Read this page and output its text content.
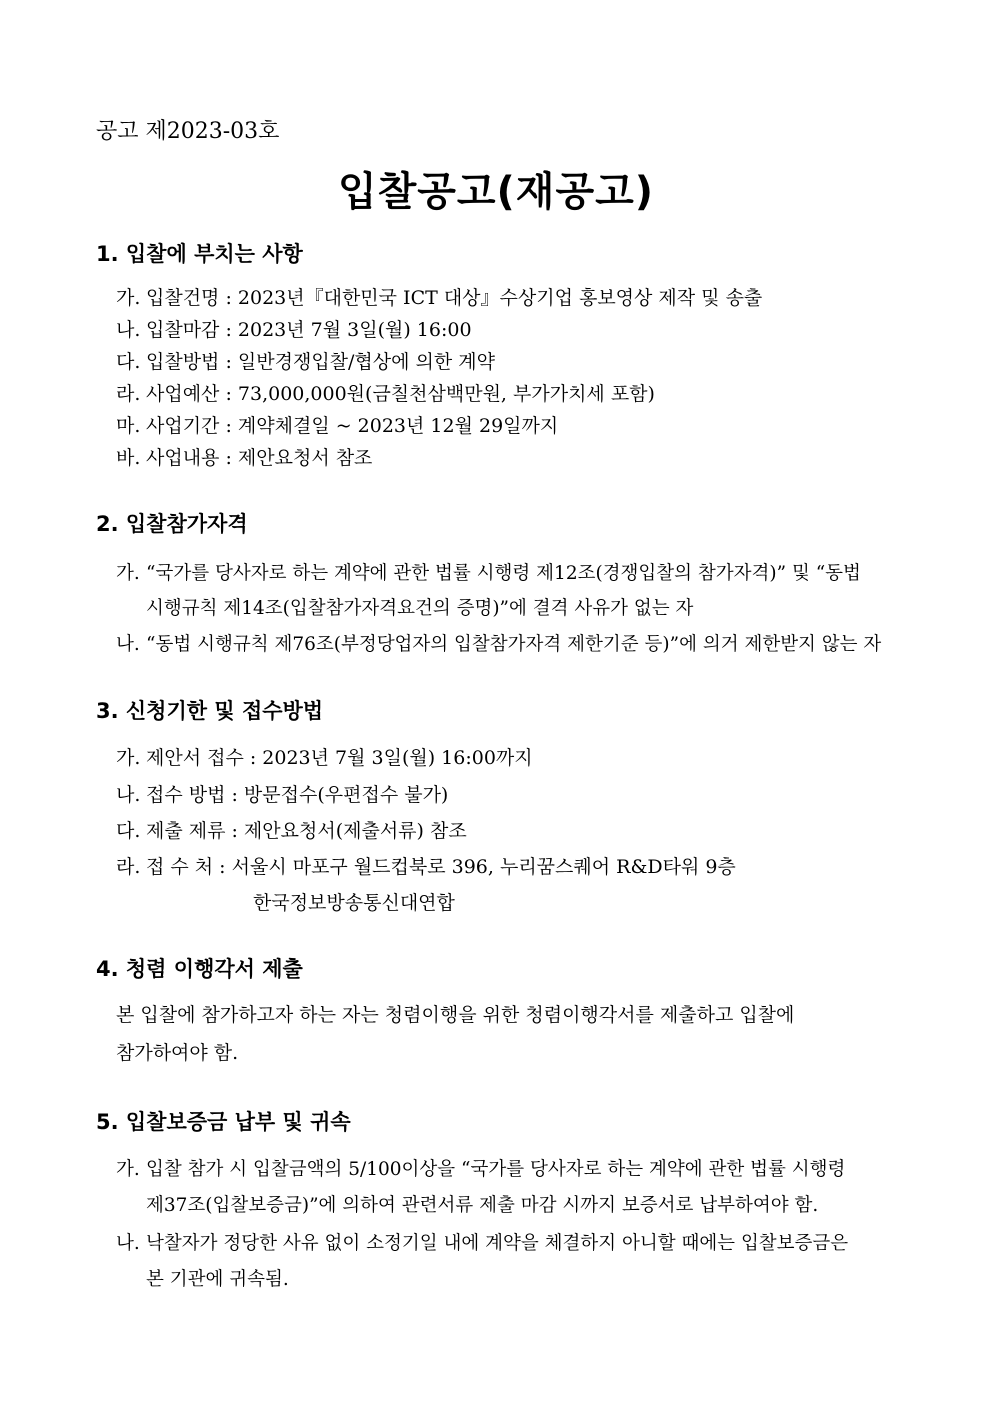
공고 제2023-03호
입찰공고(재공고)
1. 입찰에 부치는 사항
가. 입찰건명 : 2023년『대한민국 ICT 대상』수상기업 홍보영상 제작 및 송출
나. 입찰마감 : 2023년 7월 3일(월) 16:00
다. 입찰방법 : 일반경쟁입찰/협상에 의한 계약
라. 사업예산 : 73,000,000원(금칠천삼백만원, 부가가치세 포함)
마. 사업기간 : 계약체결일 ~ 2023년 12월 29일까지
바. 사업내용 : 제안요청서 참조
2. 입찰참가자격
가. “국가를 당사자로 하는 계약에 관한 법률 시행령 제12조(경쟁입찰의 참가자격)” 및 “동법
시행규칙 제14조(입찰참가자격요건의 증명)”에 결격 사유가 없는 자
나. “동법 시행규칙 제76조(부정당업자의 입찰참가자격 제한기준 등)”에 의거 제한받지 않는 자
3. 신청기한 및 접수방법
가. 제안서 접수 : 2023년 7월 3일(월) 16:00까지
나. 접수 방법 : 방문접수(우편접수 불가)
다. 제출 제류 : 제안요청서(제출서류) 참조
라. 접 수 처 : 서울시 마포구 월드컵북로 396, 누리꿈스퀘어 R&D타워 9층
한국정보방송통신대연합
4. 청렴 이행각서 제출
본 입찰에 참가하고자 하는 자는 청렴이행을 위한 청렴이행각서를 제출하고 입찰에
참가하여야 함.
5. 입찰보증금 납부 및 귀속
가. 입찰 참가 시 입찰금액의 5/100이상을 “국가를 당사자로 하는 계약에 관한 법률 시행령
제37조(입찰보증금)”에 의하여 관련서류 제출 마감 시까지 보증서로 납부하여야 함.
나. 낙찰자가 정당한 사유 없이 소정기일 내에 계약을 체결하지 아니할 때에는 입찰보증금은
본 기관에 귀속됨.
